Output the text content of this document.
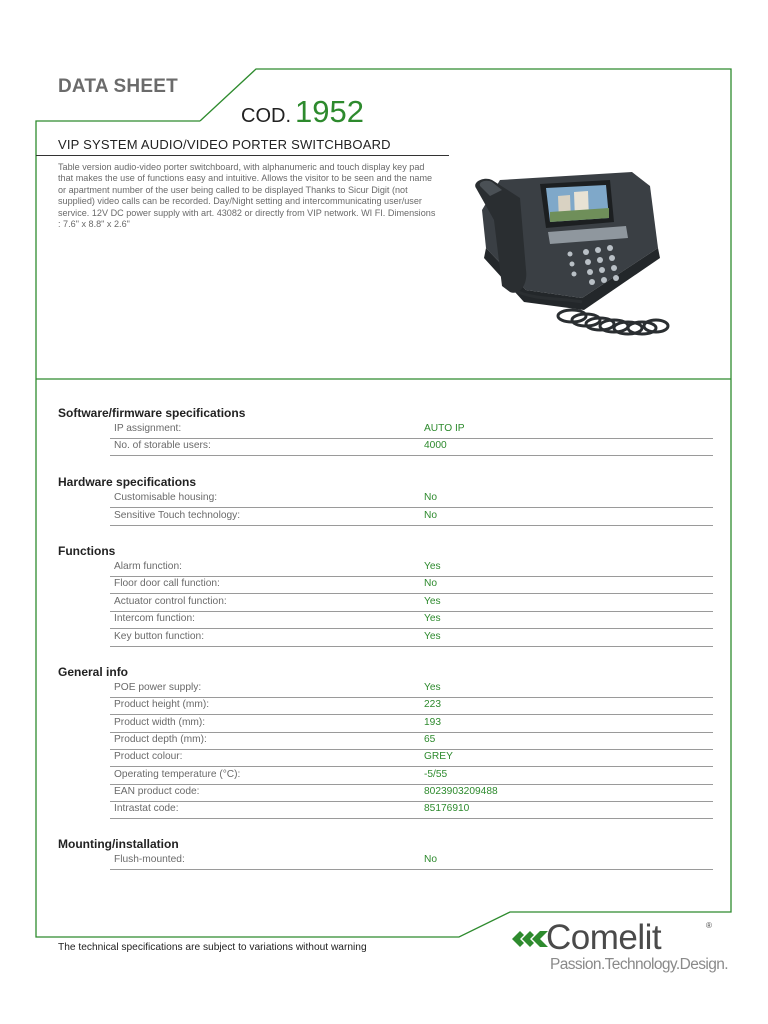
DATA SHEET
COD. 1952
VIP SYSTEM AUDIO/VIDEO PORTER SWITCHBOARD
Table version audio-video porter switchboard, with alphanumeric and touch display key pad that makes the use of functions easy and intuitive. Allows the visitor to be seen and the name or apartment number of the user being called to be displayed Thanks to Sicur Digit (not supplied) video calls can be recorded. Day/Night setting and intercommunicating user/user service. 12V DC power supply with art. 43082 or directly from VIP network. WI FI. Dimensions : 7.6" x 8.8" x 2.6"
Software/firmware specifications
IP assignment:	AUTO IP
No. of storable users:	4000
Hardware specifications
Customisable housing:	No
Sensitive Touch technology:	No
Functions
Alarm function:	Yes
Floor door call function:	No
Actuator control function:	Yes
Intercom function:	Yes
Key button function:	Yes
General info
POE power supply:	Yes
Product height (mm):	223
Product width (mm):	193
Product depth (mm):	65
Product colour:	GREY
Operating temperature (°C):	-5/55
EAN product code:	8023903209488
Intrastat code:	85176910
Mounting/installation
Flush-mounted:	No
The technical specifications are subject to variations without warning	Comelit	®
Passion.Technology.Design.
